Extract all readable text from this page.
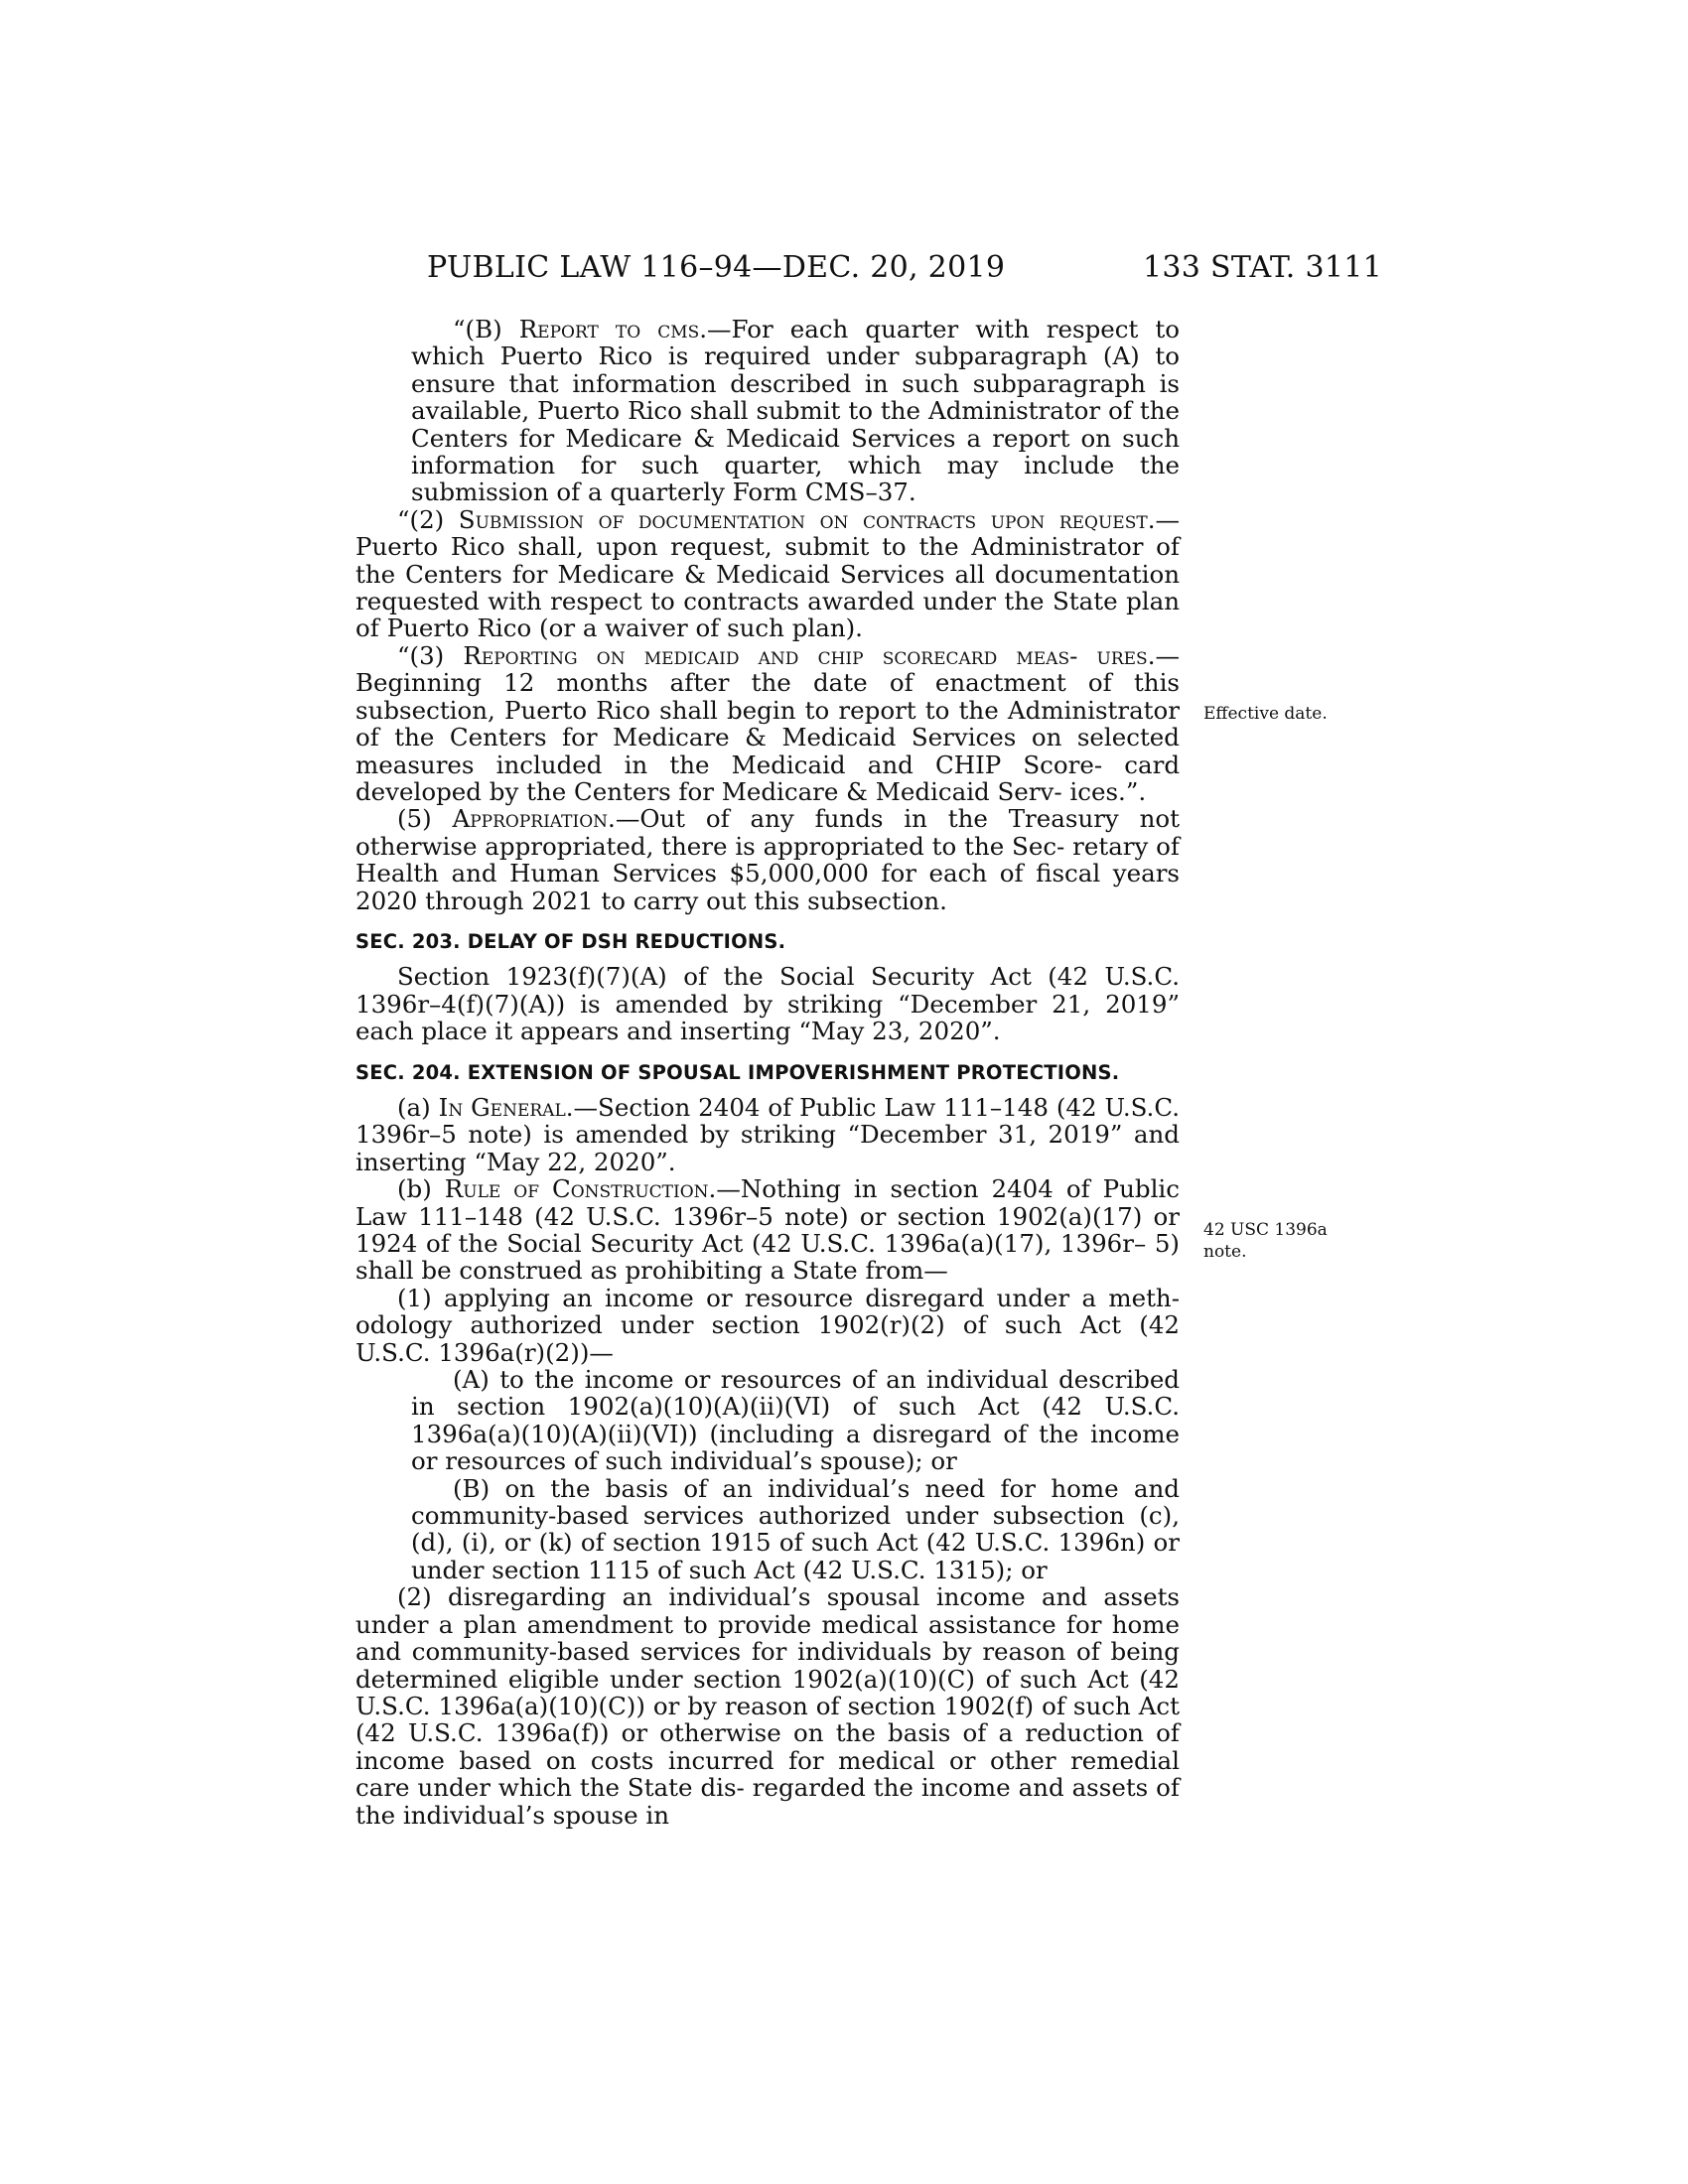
PUBLIC LAW 116–94—DEC. 20, 2019	133 STAT. 3111

“(B) Report to cms.—For each quarter with respect to which Puerto Rico is required under subparagraph (A) to ensure that information described in such subparagraph is available, Puerto Rico shall submit to the Administrator of the Centers for Medicare & Medicaid Services a report on such information for such quarter, which may include the submission of a quarterly Form CMS–37.

“(2) Submission of documentation on contracts upon request.—Puerto Rico shall, upon request, submit to the Administrator of the Centers for Medicare & Medicaid Services all documentation requested with respect to contracts awarded under the State plan of Puerto Rico (or a waiver of such plan).

“(3) Reporting on medicaid and chip scorecard meas- ures.—Beginning 12 months after the date of enactment of this subsection, Puerto Rico shall begin to report to the Administrator of the Centers for Medicare & Medicaid Services on selected measures included in the Medicaid and CHIP Score- card developed by the Centers for Medicare & Medicaid Serv- ices.”.

(5) Appropriation.—Out of any funds in the Treasury not otherwise appropriated, there is appropriated to the Sec- retary of Health and Human Services $5,000,000 for each of fiscal years 2020 through 2021 to carry out this subsection.

SEC. 203. DELAY OF DSH REDUCTIONS.

Section 1923(f)(7)(A) of the Social Security Act (42 U.S.C. 1396r–4(f)(7)(A)) is amended by striking “December 21, 2019” each place it appears and inserting “May 23, 2020”.

SEC. 204. EXTENSION OF SPOUSAL IMPOVERISHMENT PROTECTIONS.

(a) In General.—Section 2404 of Public Law 111–148 (42 U.S.C. 1396r–5 note) is amended by striking “December 31, 2019” and inserting “May 22, 2020”.

(b) Rule of Construction.—Nothing in section 2404 of Public Law 111–148 (42 U.S.C. 1396r–5 note) or section 1902(a)(17) or 1924 of the Social Security Act (42 U.S.C. 1396a(a)(17), 1396r– 5) shall be construed as prohibiting a State from—

(1) applying an income or resource disregard under a meth- odology authorized under section 1902(r)(2) of such Act (42 U.S.C. 1396a(r)(2))—

(A) to the income or resources of an individual described in section 1902(a)(10)(A)(ii)(VI) of such Act (42 U.S.C. 1396a(a)(10)(A)(ii)(VI)) (including a disregard of the income or resources of such individual’s spouse); or

(B) on the basis of an individual’s need for home and community-based services authorized under subsection (c), (d), (i), or (k) of section 1915 of such Act (42 U.S.C. 1396n) or under section 1115 of such Act (42 U.S.C. 1315); or

(2) disregarding an individual’s spousal income and assets under a plan amendment to provide medical assistance for home and community-based services for individuals by reason of being determined eligible under section 1902(a)(10)(C) of such Act (42 U.S.C. 1396a(a)(10)(C)) or by reason of section 1902(f) of such Act (42 U.S.C. 1396a(f)) or otherwise on the basis of a reduction of income based on costs incurred for medical or other remedial care under which the State dis- regarded the income and assets of the individual’s spouse in

Effective date.
42 USC 1396a
note.
